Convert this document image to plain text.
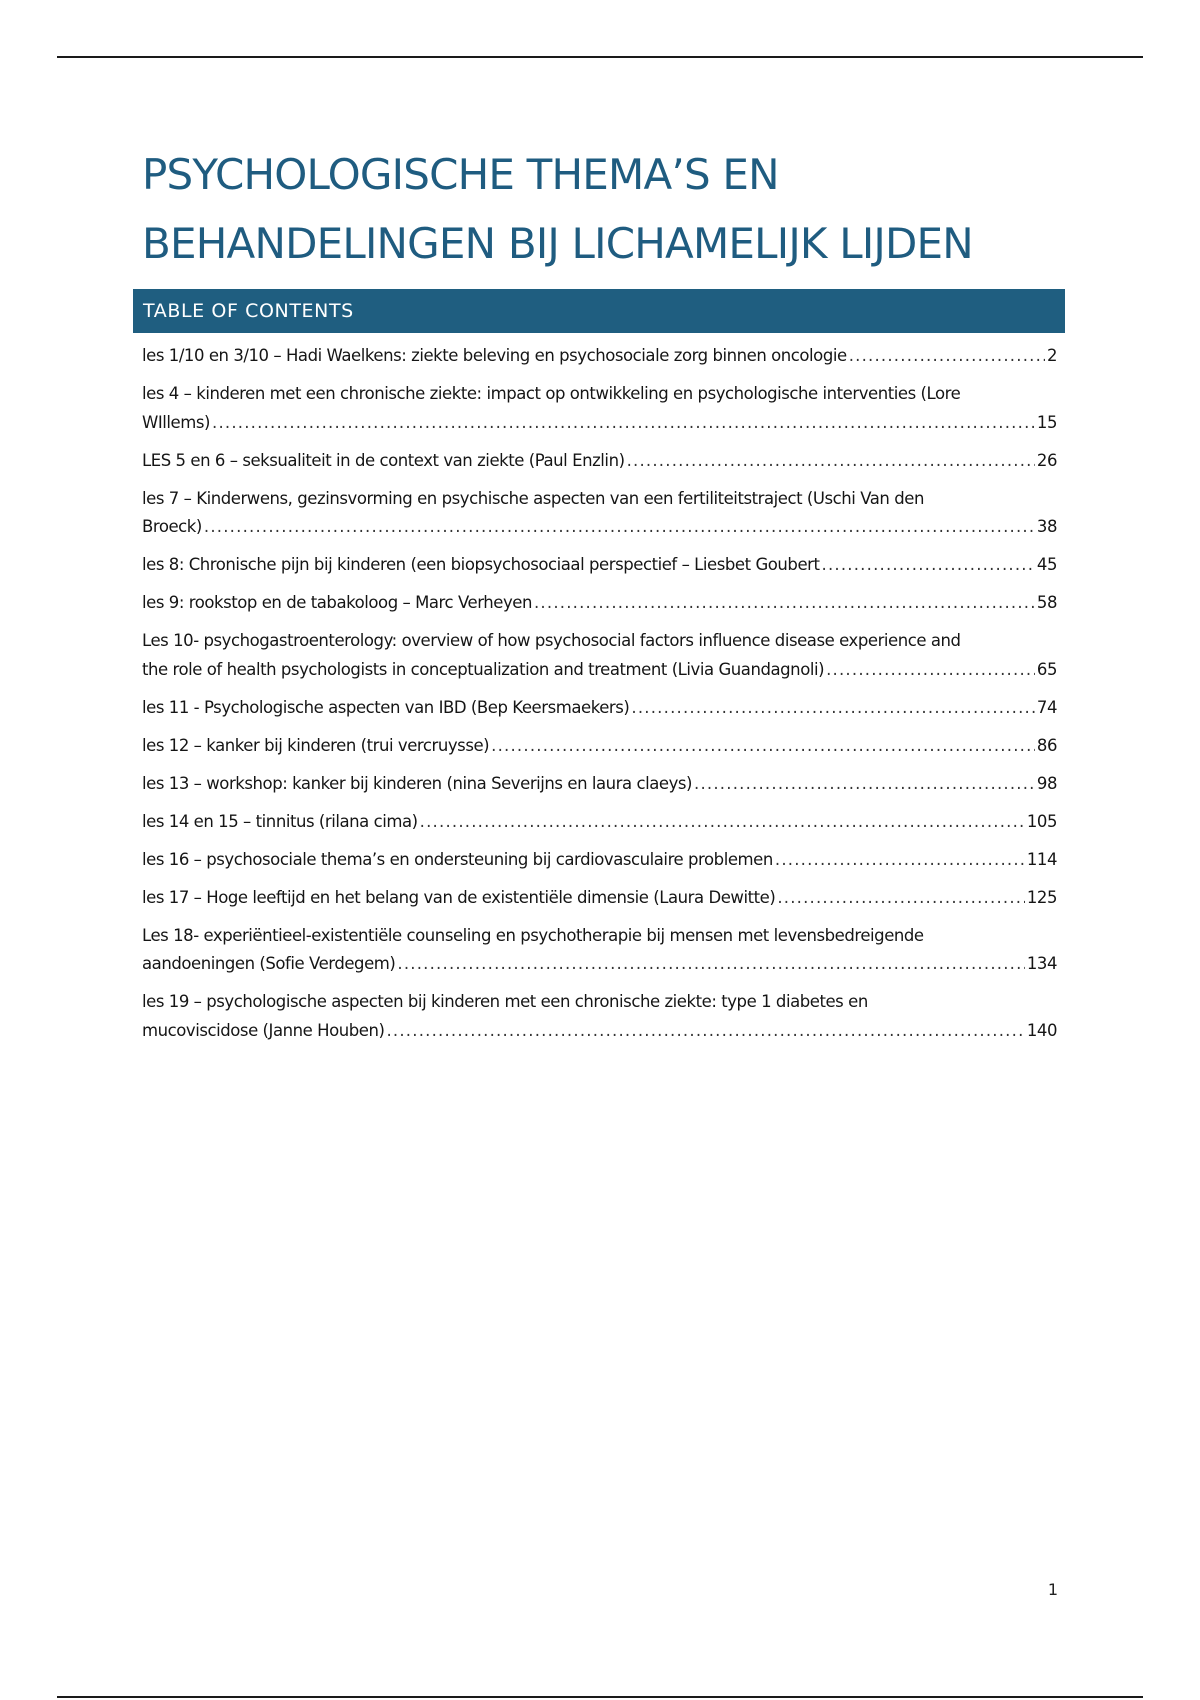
PSYCHOLOGISCHE THEMA’S EN
BEHANDELINGEN BIJ LICHAMELIJK LIJDEN
TABLE OF CONTENTS
les 1/10 en 3/10 – Hadi Waelkens: ziekte beleving en psychosociale zorg binnen oncologie .....	2
les 4 – kinderen met een chronische ziekte: impact op ontwikkeling en psychologische interventies (Lore
WIllems) .....	15
LES 5 en 6 – seksualiteit in de context van ziekte (Paul Enzlin) .....	26
les 7 – Kinderwens, gezinsvorming en psychische aspecten van een fertiliteitstraject (Uschi Van den
Broeck) .....	38
les 8: Chronische pijn bij kinderen (een biopsychosociaal perspectief – Liesbet Goubert .....	45
les 9: rookstop en de tabakoloog – Marc Verheyen .....	58
Les 10- psychogastroenterology: overview of how psychosocial factors influence disease experience and
the role of health psychologists in conceptualization and treatment (Livia Guandagnoli) .....	65
les 11 - Psychologische aspecten van IBD (Bep Keersmaekers) .....	74
les 12 – kanker bij kinderen (trui vercruysse) .....	86
les 13 – workshop: kanker bij kinderen (nina Severijns en laura claeys) .....	98
les 14 en 15 – tinnitus (rilana cima) .....	105
les 16 – psychosociale thema’s en ondersteuning bij cardiovasculaire problemen .....	114
les 17 – Hoge leeftijd en het belang van de existentiële dimensie (Laura Dewitte) .....	125
Les 18- experiëntieel-existentiële counseling en psychotherapie bij mensen met levensbedreigende
aandoeningen (Sofie Verdegem) .....	134
les 19 – psychologische aspecten bij kinderen met een chronische ziekte: type 1 diabetes en
mucoviscidose (Janne Houben) .....	140
1
